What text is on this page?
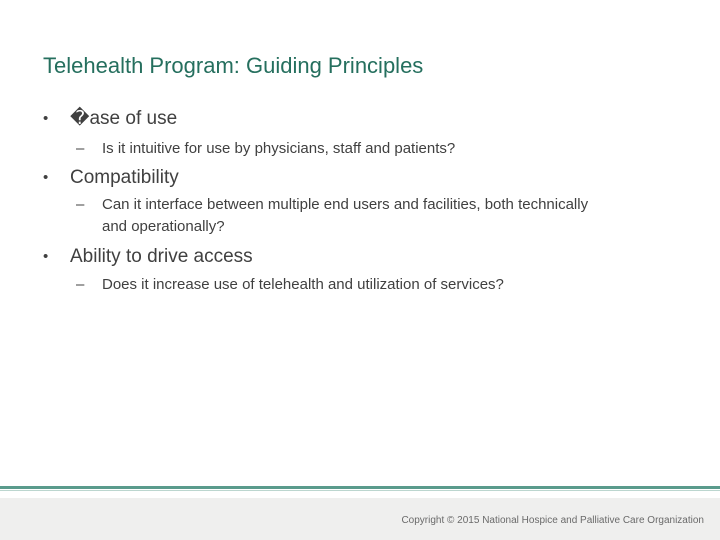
Telehealth Program: Guiding Principles
• �ase of use
–	Is it intuitive for use by physicians, staff and patients?
• Compatibility
–	Can it interface between multiple end users and facilities, both technically and operationally?
• Ability to drive access
–	Does it increase use of telehealth and utilization of services?
Copyright © 2015 National Hospice and Palliative Care Organization
